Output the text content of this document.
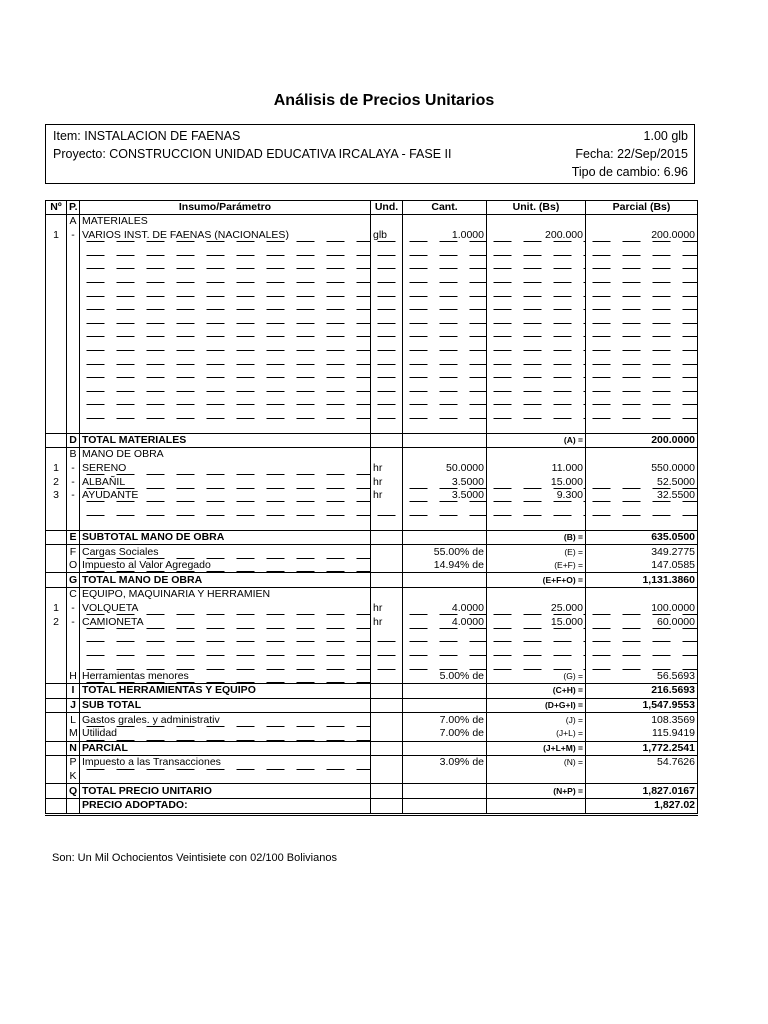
Análisis de Precios Unitarios
Item: INSTALACION DE FAENAS	1.00 glb
Proyecto: CONSTRUCCION UNIDAD EDUCATIVA IRCALAYA - FASE II	Fecha: 22/Sep/2015
Tipo de cambio: 6.96
Nº	P.	Insumo/Parámetro	Und.	Cant.	Unit. (Bs)	Parcial (Bs)
	A	MATERIALES				
1	-	VARIOS INST. DE FAENAS (NACIONALES)	glb	1.0000	200.000	200.0000

	D	TOTAL MATERIALES			(A) =	200.0000
	B	MANO DE OBRA				
1	-	SERENO	hr	50.0000	11.000	550.0000
2	-	ALBAÑIL	hr	3.5000	15.000	52.5000
3	-	AYUDANTE	hr	3.5000	9.300	32.5500

	E	SUBTOTAL MANO DE OBRA			(B) =	635.0500
	F	Cargas Sociales		55.00% de	(E) =	349.2775
	O	Impuesto al Valor Agregado		14.94% de	(E+F) =	147.0585
	G	TOTAL MANO DE OBRA			(E+F+O) =	1,131.3860
	C	EQUIPO, MAQUINARIA Y HERRAMIEN				
1	-	VOLQUETA	hr	4.0000	25.000	100.0000
2	-	CAMIONETA	hr	4.0000	15.000	60.0000

	H	Herramientas menores		5.00% de	(G) =	56.5693
	I	TOTAL HERRAMIENTAS Y EQUIPO			(C+H) =	216.5693
	J	SUB TOTAL			(D+G+I) =	1,547.9553
	L	Gastos grales. y administrativ		7.00% de	(J) =	108.3569
	M	Utilidad		7.00% de	(J+L) =	115.9419
	N	PARCIAL			(J+L+M) =	1,772.2541
	P	Impuesto a las Transacciones		3.09% de	(N) =	54.7626
	K					
	Q	TOTAL PRECIO UNITARIO			(N+P) =	1,827.0167
		PRECIO ADOPTADO:				1,827.02
Son: Un Mil Ochocientos Veintisiete con 02/100 Bolivianos
